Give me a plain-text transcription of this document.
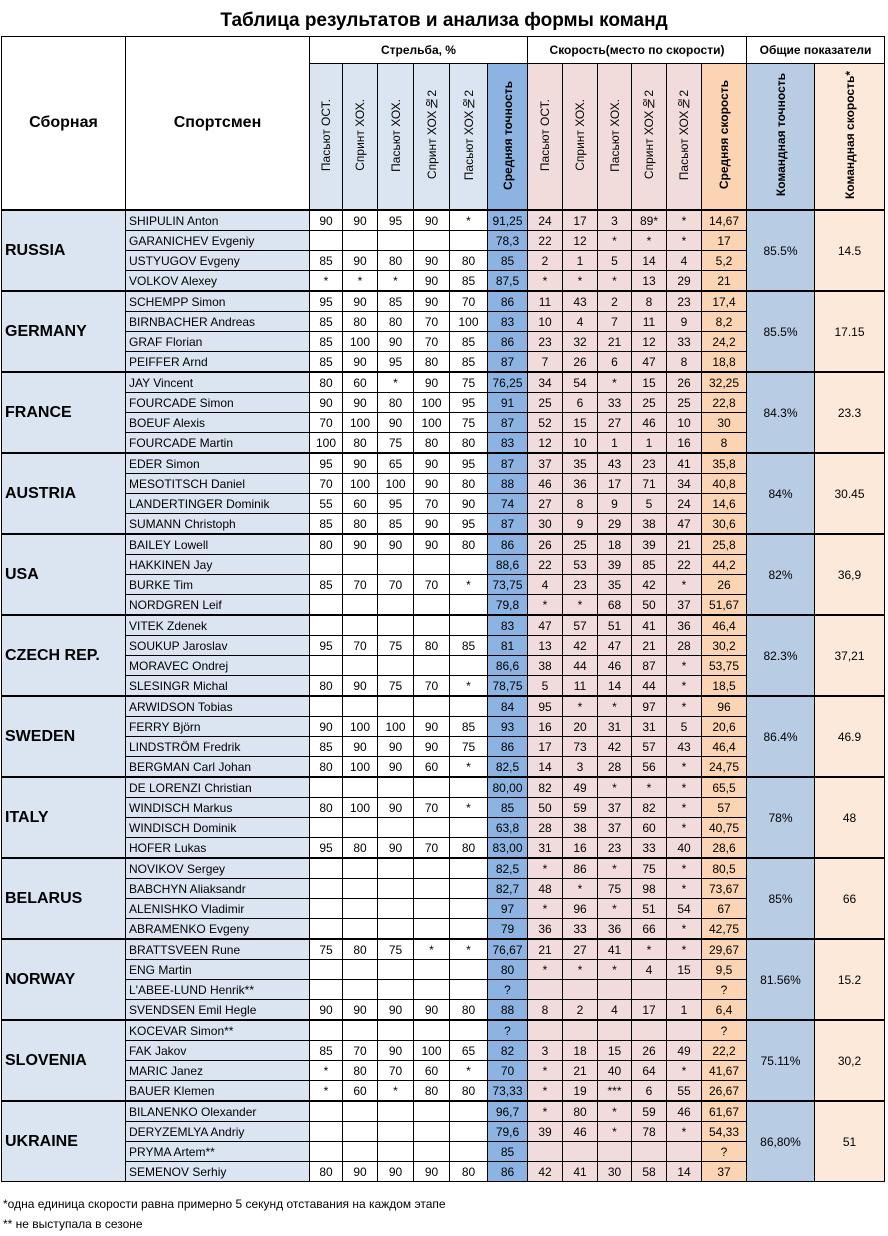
Таблица результатов и анализа формы команд
Сборная	Спортсмен	Стрельба, %						Скорость(место по скорости)						Общие показатели	
		Пасьют ОСТ.	Спринт ХОХ.	Пасьют ХОХ.	Спринт ХОХ№2	Пасьют ХОХ№2	Средняя точность	Пасьют ОСТ.	Спринт ХОХ.	Пасьют ХОХ.	Спринт ХОХ№2	Пасьют ХОХ№2	Средняя скорость	Командная точность	Командная скорость*
RUSSIA	SHIPULIN Anton	90	90	95	90	*	91,25	24	17	3	89*	*	14,67	85.5%	14.5
	GARANICHEV Evgeniy						78,3	22	12	*	*	*	17		
	USTYUGOV Evgeny	85	90	80	90	80	85	2	1	5	14	4	5,2		
	VOLKOV Alexey	*	*	*	90	85	87,5	*	*	*	13	29	21		
GERMANY	SCHEMPP Simon	95	90	85	90	70	86	11	43	2	8	23	17,4	85.5%	17.15
	BIRNBACHER Andreas	85	80	80	70	100	83	10	4	7	11	9	8,2		
	GRAF Florian	85	100	90	70	85	86	23	32	21	12	33	24,2		
	PEIFFER Arnd	85	90	95	80	85	87	7	26	6	47	8	18,8		
FRANCE	JAY Vincent	80	60	*	90	75	76,25	34	54	*	15	26	32,25	84.3%	23.3
	FOURCADE Simon	90	90	80	100	95	91	25	6	33	25	25	22,8		
	BOEUF Alexis	70	100	90	100	75	87	52	15	27	46	10	30		
	FOURCADE Martin	100	80	75	80	80	83	12	10	1	1	16	8		
AUSTRIA	EDER Simon	95	90	65	90	95	87	37	35	43	23	41	35,8	84%	30.45
	MESOTITSCH Daniel	70	100	100	90	80	88	46	36	17	71	34	40,8		
	LANDERTINGER Dominik	55	60	95	70	90	74	27	8	9	5	24	14,6		
	SUMANN Christoph	85	80	85	90	95	87	30	9	29	38	47	30,6		
USA	BAILEY Lowell	80	90	90	90	80	86	26	25	18	39	21	25,8	82%	36,9
	HAKKINEN Jay						88,6	22	53	39	85	22	44,2		
	BURKE Tim	85	70	70	70	*	73,75	4	23	35	42	*	26		
	NORDGREN Leif						79,8	*	*	68	50	37	51,67		
CZECH REP.	VITEK Zdenek						83	47	57	51	41	36	46,4	82.3%	37,21
	SOUKUP Jaroslav	95	70	75	80	85	81	13	42	47	21	28	30,2		
	MORAVEC Ondrej						86,6	38	44	46	87	*	53,75		
	SLESINGR Michal	80	90	75	70	*	78,75	5	11	14	44	*	18,5		
SWEDEN	ARWIDSON Tobias						84	95	*	*	97	*	96	86.4%	46.9
	FERRY Björn	90	100	100	90	85	93	16	20	31	31	5	20,6		
	LINDSTRÖM Fredrik	85	90	90	90	75	86	17	73	42	57	43	46,4		
	BERGMAN Carl Johan	80	100	90	60	*	82,5	14	3	28	56	*	24,75		
ITALY	DE LORENZI Christian						80,00	82	49	*	*	*	65,5	78%	48
	WINDISCH Markus	80	100	90	70	*	85	50	59	37	82	*	57		
	WINDISCH Dominik						63,8	28	38	37	60	*	40,75		
	HOFER Lukas	95	80	90	70	80	83,00	31	16	23	33	40	28,6		
BELARUS	NOVIKOV Sergey						82,5	*	86	*	75	*	80,5	85%	66
	BABCHYN Aliaksandr						82,7	48	*	75	98	*	73,67		
	ALENISHKO Vladimir						97	*	96	*	51	54	67		
	ABRAMENKO Evgeny						79	36	33	36	66	*	42,75		
NORWAY	BRATTSVEEN Rune	75	80	75	*	*	76,67	21	27	41	*	*	29,67	81.56%	15.2
	ENG Martin						80	*	*	*	4	15	9,5		
	L'ABEE-LUND Henrik**						?						?		
	SVENDSEN Emil Hegle	90	90	90	90	80	88	8	2	4	17	1	6,4		
SLOVENIA	KOCEVAR Simon**						?						?	75.11%	30,2
	FAK Jakov	85	70	90	100	65	82	3	18	15	26	49	22,2		
	MARIC Janez	*	80	70	60	*	70	*	21	40	64	*	41,67		
	BAUER Klemen	*	60	*	80	80	73,33	*	19	***	6	55	26,67		
UKRAINE	BILANENKO Olexander						96,7	*	80	*	59	46	61,67	86,80%	51
	DERYZEMLYA Andriy						79,6	39	46	*	78	*	54,33		
	PRYMA Artem**						85						?		
	SEMENOV Serhiy	80	90	90	90	80	86	42	41	30	58	14	37		
*одна единица скорости равна примерно 5 секунд отставания на каждом этапе
** не выступала в сезоне
